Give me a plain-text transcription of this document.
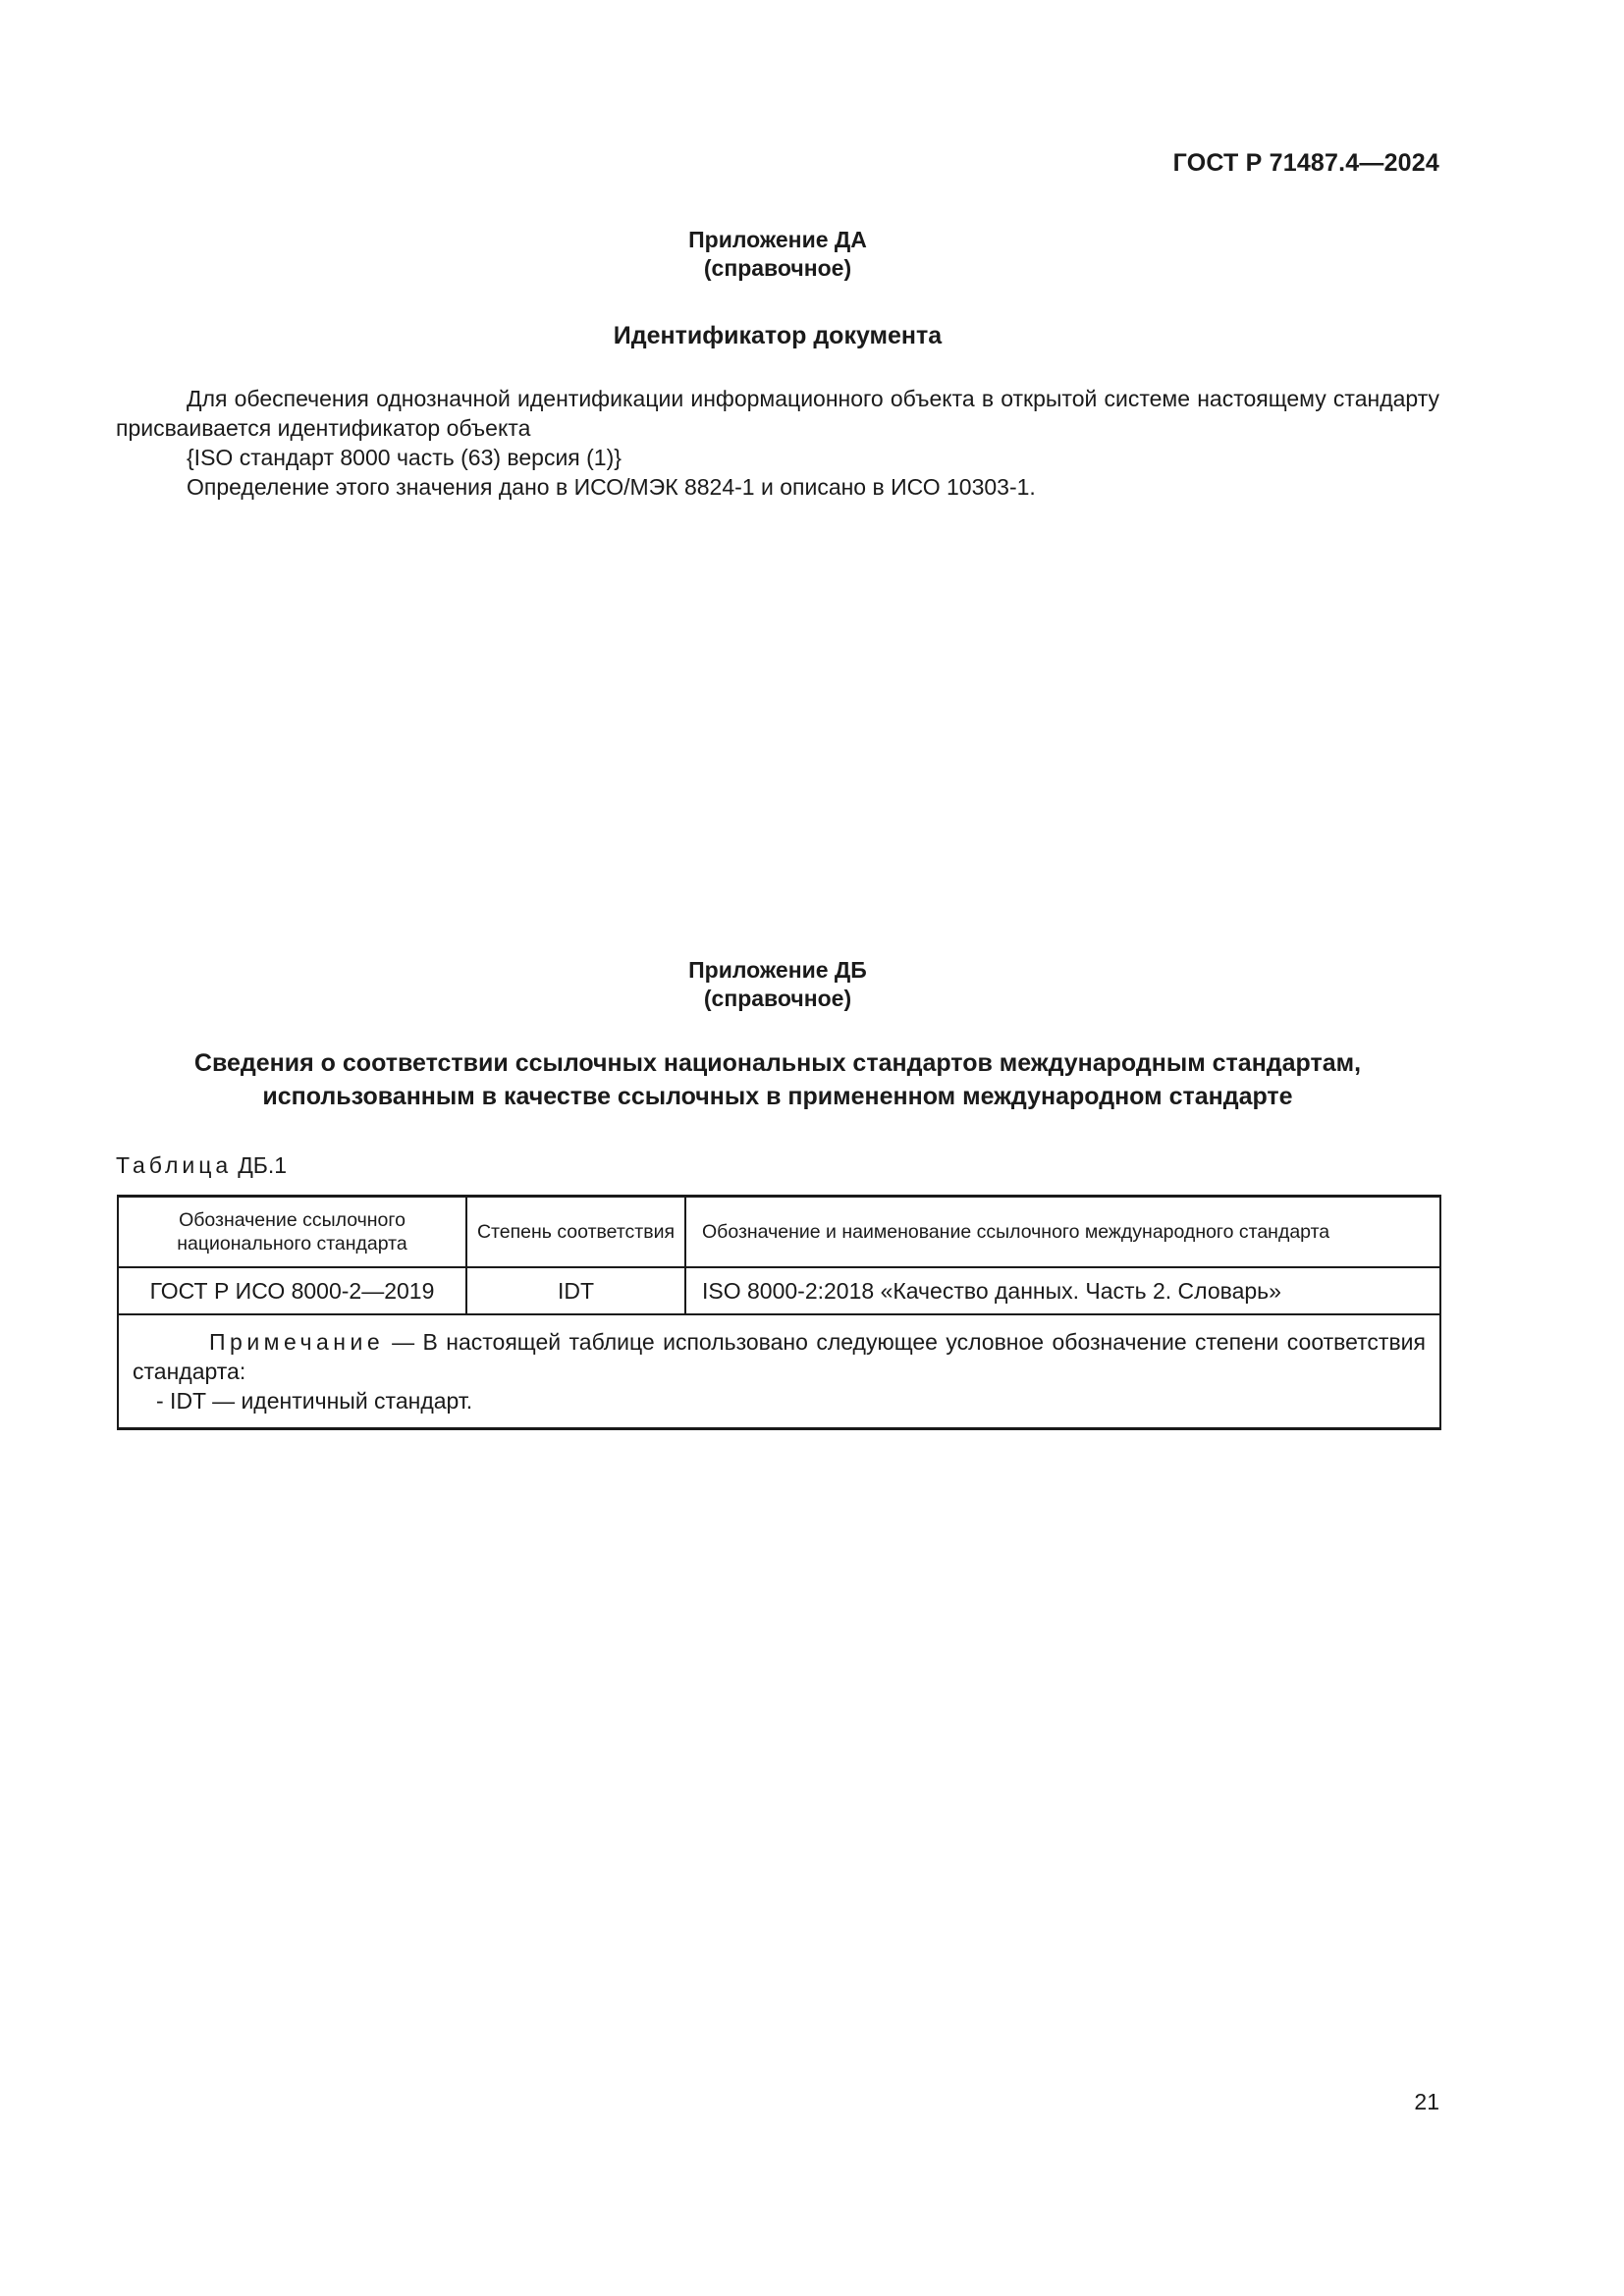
ГОСТ Р 71487.4—2024
Приложение ДА
(справочное)
Идентификатор документа
Для обеспечения однозначной идентификации информационного объекта в открытой системе настоящему стандарту присваивается идентификатор объекта
{ISO стандарт 8000 часть (63) версия (1)}
Определение этого значения дано в ИСО/МЭК 8824-1 и описано в ИСО 10303-1.
Приложение ДБ
(справочное)
Сведения о соответствии ссылочных национальных стандартов международным стандартам,
использованным в качестве ссылочных в примененном международном стандарте
Таблица ДБ.1
Обозначение ссылочного национального стандарта	Степень соответствия	Обозначение и наименование ссылочного международного стандарта
ГОСТ Р ИСО 8000-2—2019	IDT	ISO 8000-2:2018 «Качество данных. Часть 2. Словарь»

Примечание — В настоящей таблице использовано следующее условное обозначение степени соответствия стандарта:
- IDT — идентичный стандарт.		
21
